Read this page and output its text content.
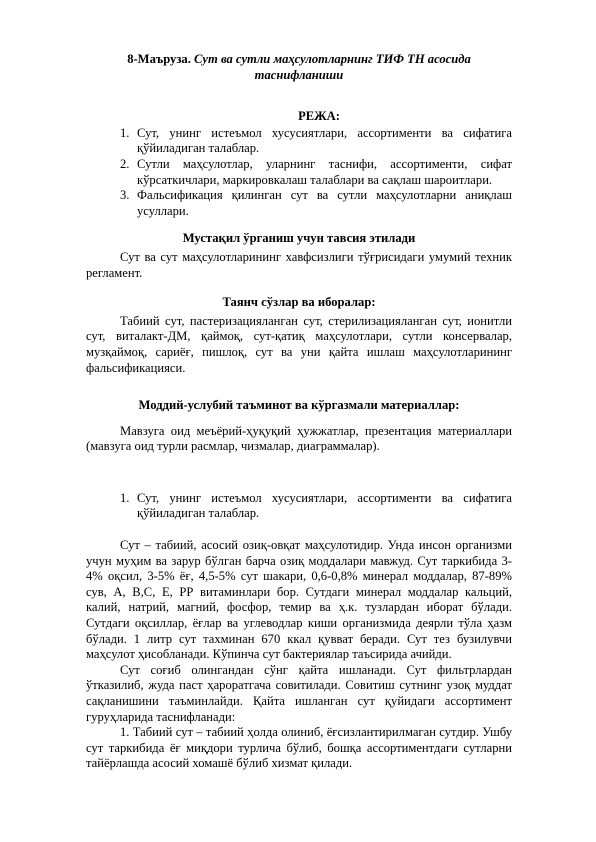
8-Маъруза. Сут ва сутли маҳсулотларнинг ТИФ ТН асосида таснифланиши
РЕЖА:
1. Сут, унинг истеъмол хусусиятлари, ассортименти ва сифатига қўйиладиган талаблар.
2. Сутли маҳсулотлар, уларнинг таснифи, ассортименти, сифат кўрсаткичлари, маркировкалаш талаблари ва сақлаш шароитлари.
3. Фальсификация қилинган сут ва сутли маҳсулотларни аниқлаш усуллари.
Мустақил ўрганиш учун тавсия этилади

Сут ва сут маҳсулотларининг хавфсизлиги тўғрисидаги умумий техник регламент.

Таянч сўзлар ва иборалар:

Табиий сут, пастеризацияланган сут, стерилизацияланган сут, ионитли сут, виталакт-ДМ, қаймоқ, сут-қатиқ маҳсулотлари, сутли консервалар, музқаймоқ, сариёғ, пишлоқ, сут ва уни қайта ишлаш маҳсулотларининг фальсификацияси.

Моддий-услубий таъминот ва кўргазмали материаллар:

Мавзуга оид меъёрий-ҳуқуқий ҳужжатлар, презентация материаллари (мавзуга оид турли расмлар, чизмалар, диаграммалар).

1. Сут, унинг истеъмол хусусиятлари, ассортименти ва сифатига қўйиладиган талаблар.

Сут – табиий, асосий озиқ-овқат маҳсулотидир. Унда инсон организми учун муҳим ва зарур бўлган барча озиқ моддалари мавжуд. Сут таркибида 3-4% оқсил, 3-5% ёғ, 4,5-5% сут шакари, 0,6-0,8% минерал моддалар, 87-89% сув, А, В,С, Е, РР витаминлари бор. Сутдаги минерал моддалар кальций, калий, натрий, магний, фосфор, темир ва ҳ.к. тузлардан иборат бўлади. Сутдаги оқсиллар, ёғлар ва углеводлар киши организмида деярли тўла ҳазм бўлади. 1 литр сут тахминан 670 ккал қувват беради. Сут тез бузилувчи маҳсулот ҳисобланади. Кўпинча сут бактериялар таъсирида ачийди.

Сут соғиб олингандан сўнг қайта ишланади. Сут фильтрлардан ўтказилиб, жуда паст ҳароратгача совитилади. Совитиш сутнинг узоқ муддат сақланишини таъминлайди. Қайта ишланган сут қуйидаги ассортимент гуруҳларида таснифланади:

1. Табиий сут – табиий ҳолда олиниб, ёғсизлантирилмаган сутдир. Ушбу сут таркибида ёғ миқдори турлича бўлиб, бошқа ассортиментдаги сутларни тайёрлашда асосий хомашё бўлиб хизмат қилади.
